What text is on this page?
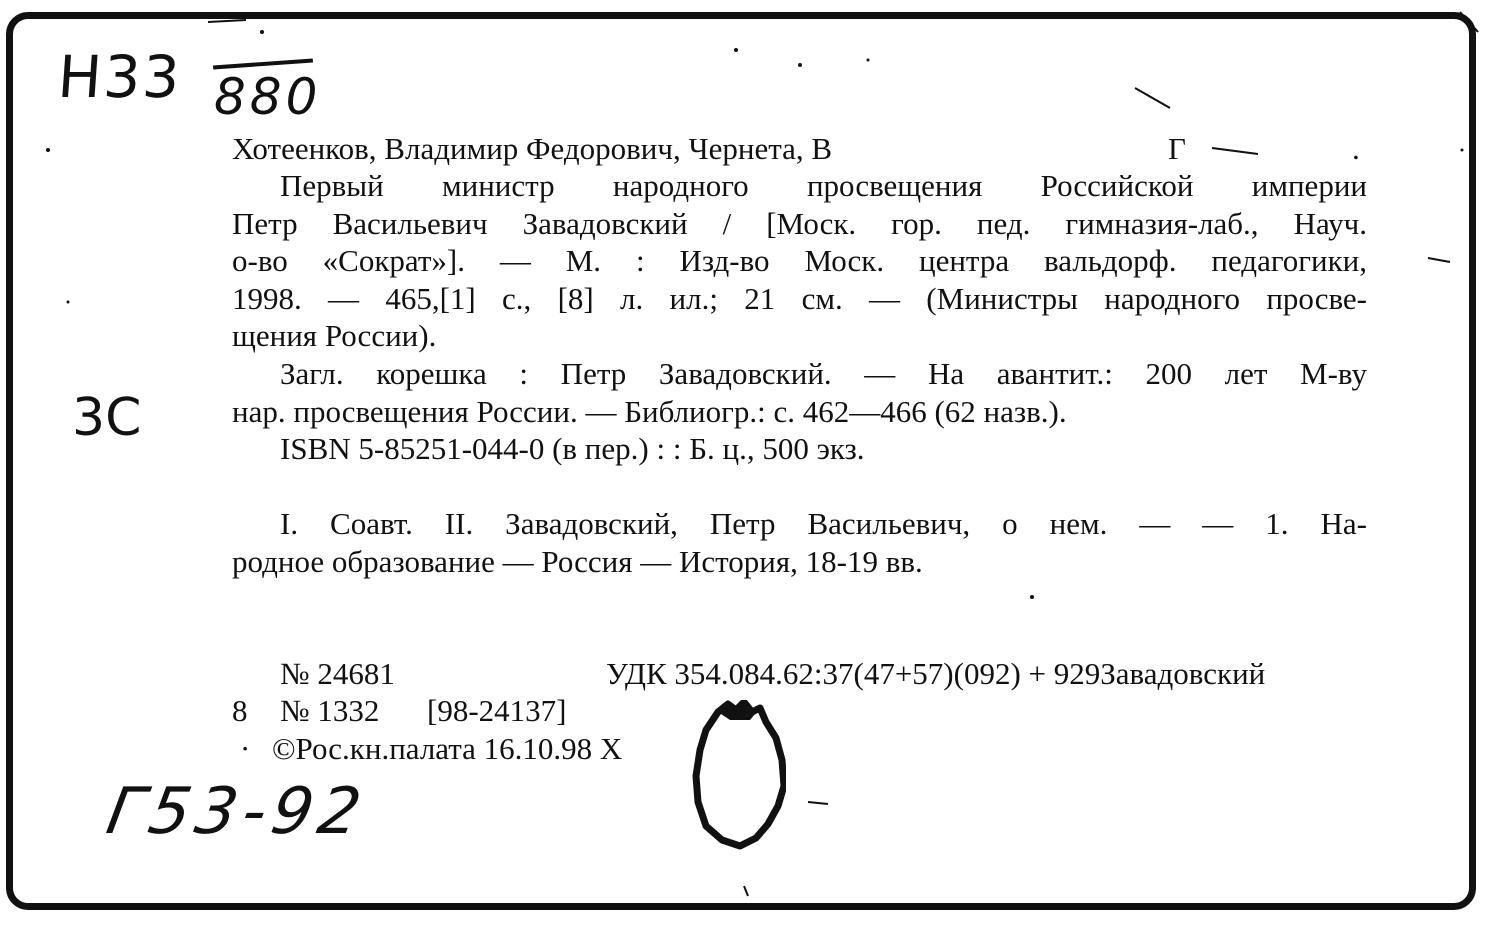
Н33 880
3С
Г53-92
Хотеенков, Владимир Федорович, Чернета, В	Г	.
Первый министр народного просвещения Российской империи
Петр Васильевич Завадовский / [Моск. гор. пед. гимназия-лаб., Науч.
о-во «Сократ»]. — М. : Изд-во Моск. центра вальдорф. педагогики,
1998. — 465,[1] с., [8] л. ил.; 21 см. — (Министры народного просве-
щения России).
Загл. корешка : Петр Завадовский. — На авантит.: 200 лет М-ву
нар. просвещения России. — Библиогр.: с. 462—466 (62 назв.).
ISBN 5-85251-044-0 (в пер.) : : Б. ц., 500 экз.
I. Соавт. II. Завадовский, Петр Васильевич, о нем. — — 1. На-
родное образование — Россия — История, 18-19 вв.
№ 24681	УДК 354.084.62:37(47+57)(092) + 929Завадовский
8 № 1332 [98-24137]
· ©Рос.кн.палата 16.10.98 Х
